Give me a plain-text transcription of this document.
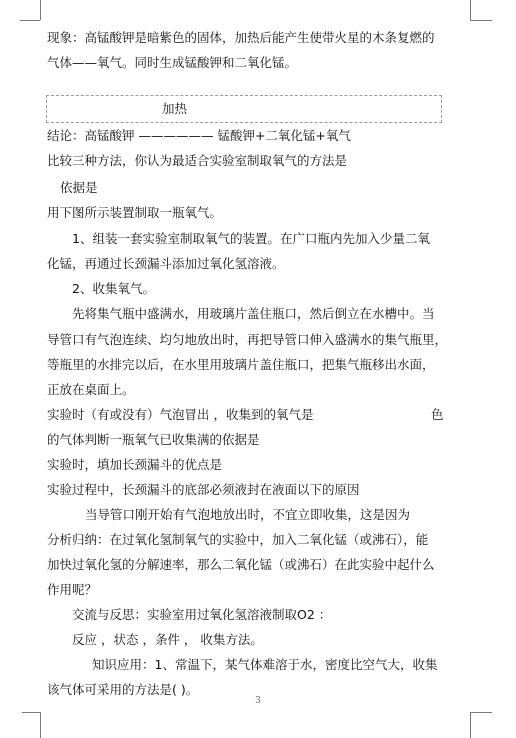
现象：高锰酸钾是暗紫色的固体，加热后能产生使带火星的木条复燃的
气体——氧气。同时生成锰酸钾和二氧化锰。
加热
结论：高锰酸钾 —————— 锰酸钾+二氧化锰+氧气
比较三种方法，你认为最适合实验室制取氧气的方法是
依据是
用下图所示装置制取一瓶氧气。
1、组装一套实验室制取氧气的装置。在广口瓶内先加入少量二氧
化锰，再通过长颈漏斗添加过氧化氢溶液。
2、收集氧气。
先将集气瓶中盛满水，用玻璃片盖住瓶口，然后倒立在水槽中。当
导管口有气泡连续、均匀地放出时，再把导管口伸入盛满水的集气瓶里，
等瓶里的水排完以后，在水里用玻璃片盖住瓶口，把集气瓶移出水面，
正放在桌面上。
实验时（有或没有）气泡冒出 ，收集到的氧气是	色
的气体判断一瓶氧气已收集满的依据是
实验时，填加长颈漏斗的优点是
实验过程中，长颈漏斗的底部必须液封在液面以下的原因
当导管口刚开始有气泡地放出时，不宜立即收集，这是因为
分析归纳：在过氧化氢制氧气的实验中，加入二氧化锰（或沸石），能
加快过氧化氢的分解速率，那么二氧化锰（或沸石）在此实验中起什么
作用呢？
交流与反思：实验室用过氧化氢溶液制取O2 ：
反应 ，状态 ，条件 ， 收集方法。
知识应用：1、常温下，某气体难溶于水，密度比空气大，收集
该气体可采用的方法是( )。
3
